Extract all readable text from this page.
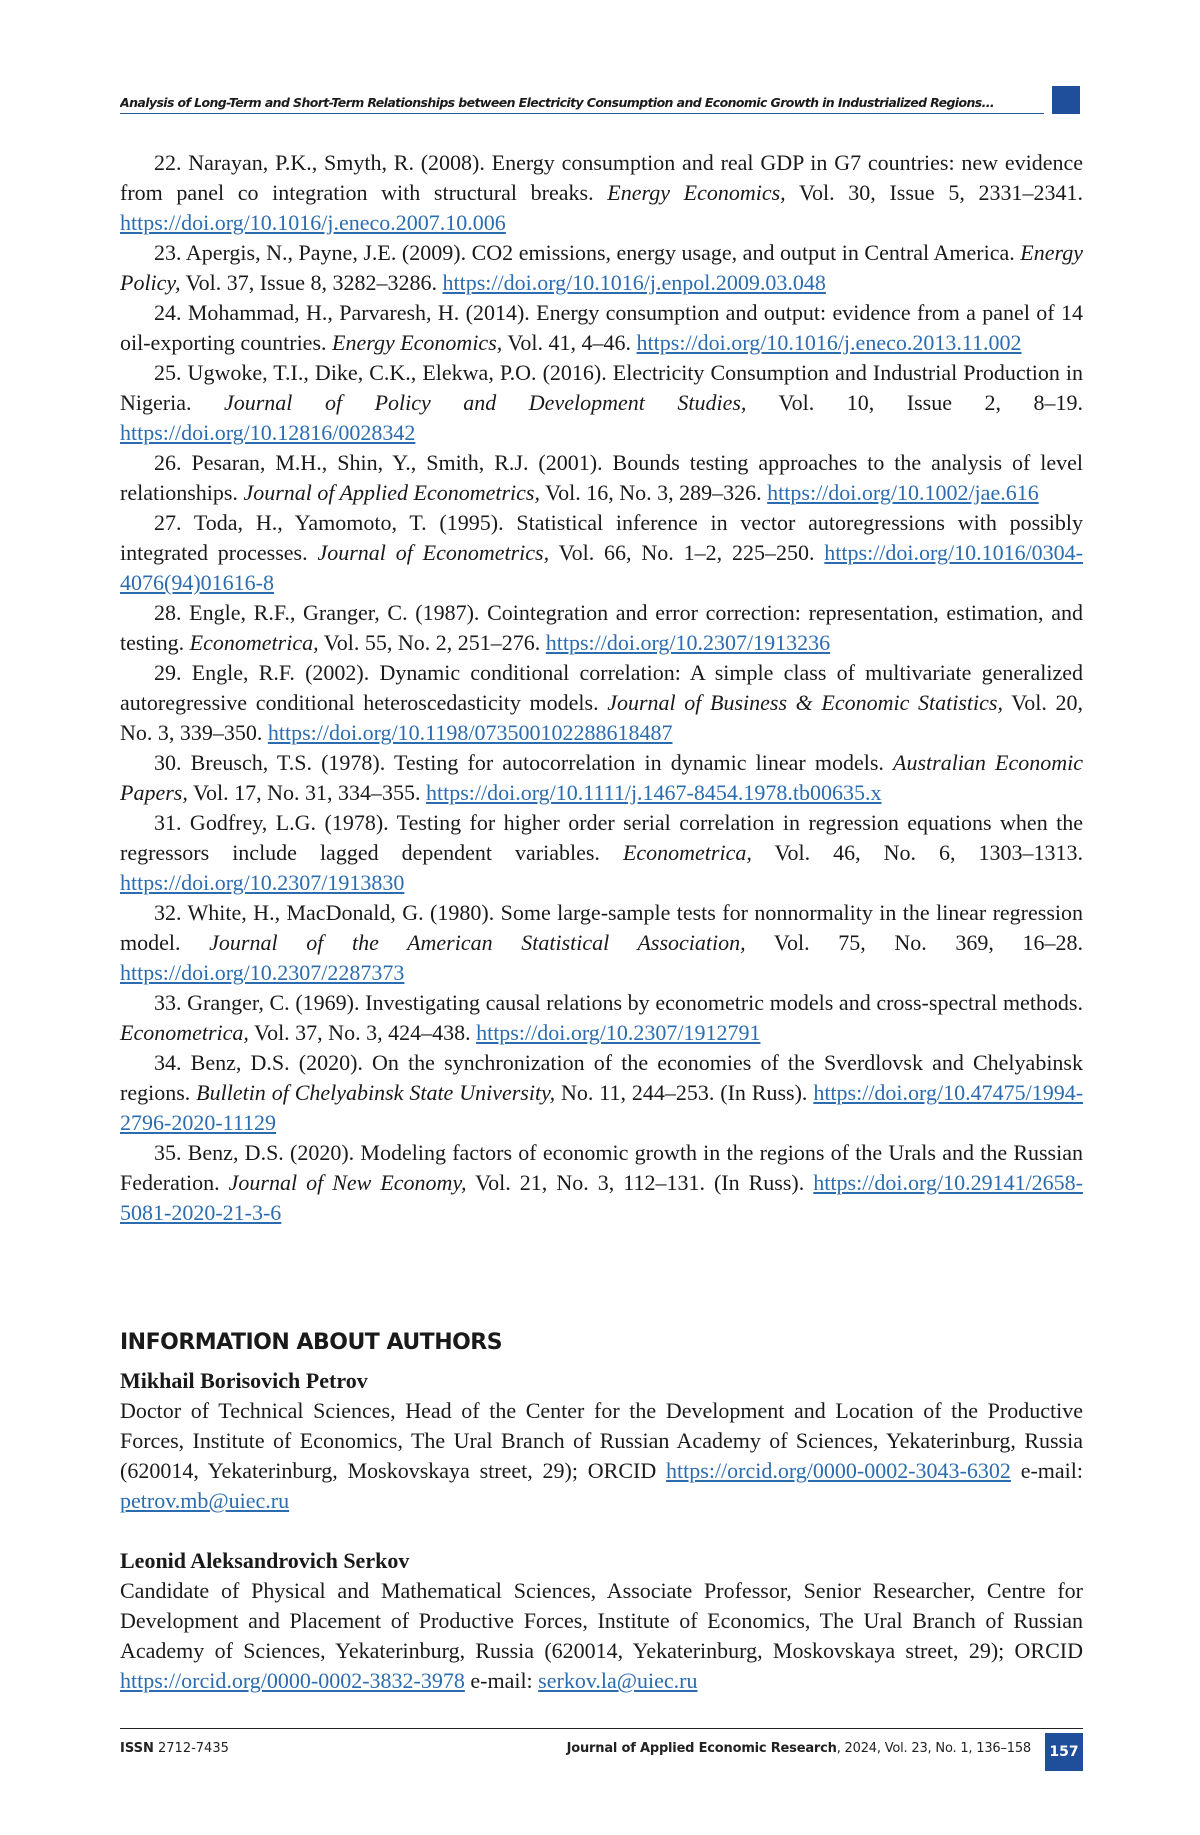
Analysis of Long-Term and Short-Term Relationships between Electricity Consumption and Economic Growth in Industrialized Regions...

22. Narayan, P.K., Smyth, R. (2008). Energy consumption and real GDP in G7 countries: new evidence from panel co integration with structural breaks. Energy Economics, Vol. 30, Issue 5, 2331–2341. https://doi.org/10.1016/j.eneco.2007.10.006

23. Apergis, N., Payne, J.E. (2009). CO2 emissions, energy usage, and output in Central America. Energy Policy, Vol. 37, Issue 8, 3282–3286. https://doi.org/10.1016/j.enpol.2009.03.048

24. Mohammad, H., Parvaresh, H. (2014). Energy consumption and output: evidence from a panel of 14 oil-exporting countries. Energy Economics, Vol. 41, 4–46. https://doi.org/10.1016/j.eneco.2013.11.002

25. Ugwoke, T.I., Dike, C.K., Elekwa, P.O. (2016). Electricity Consumption and Industrial Production in Nigeria. Journal of Policy and Development Studies, Vol. 10, Issue 2, 8–19. https://doi.org/10.12816/0028342

26. Pesaran, M.H., Shin, Y., Smith, R.J. (2001). Bounds testing approaches to the analysis of level relationships. Journal of Applied Econometrics, Vol. 16, No. 3, 289–326. https://doi.org/10.1002/jae.616

27. Toda, H., Yamomoto, T. (1995). Statistical inference in vector autoregressions with possibly integrated processes. Journal of Econometrics, Vol. 66, No. 1–2, 225–250. https://doi.org/10.1016/0304-4076(94)01616-8

28. Engle, R.F., Granger, C. (1987). Cointegration and error correction: representation, estimation, and testing. Econometrica, Vol. 55, No. 2, 251–276. https://doi.org/10.2307/1913236

29. Engle, R.F. (2002). Dynamic conditional correlation: A simple class of multivariate generalized autoregressive conditional heteroscedasticity models. Journal of Business & Economic Statistics, Vol. 20, No. 3, 339–350. https://doi.org/10.1198/073500102288618487

30. Breusch, T.S. (1978). Testing for autocorrelation in dynamic linear models. Australian Economic Papers, Vol. 17, No. 31, 334–355. https://doi.org/10.1111/j.1467-8454.1978.tb00635.x

31. Godfrey, L.G. (1978). Testing for higher order serial correlation in regression equations when the regressors include lagged dependent variables. Econometrica, Vol. 46, No. 6, 1303–1313. https://doi.org/10.2307/1913830

32. White, H., MacDonald, G. (1980). Some large-sample tests for nonnormality in the linear regression model. Journal of the American Statistical Association, Vol. 75, No. 369, 16–28. https://doi.org/10.2307/2287373

33. Granger, C. (1969). Investigating causal relations by econometric models and cross-spectral methods. Econometrica, Vol. 37, No. 3, 424–438. https://doi.org/10.2307/1912791

34. Benz, D.S. (2020). On the synchronization of the economies of the Sverdlovsk and Chelyabinsk regions. Bulletin of Chelyabinsk State University, No. 11, 244–253. (In Russ). https://doi.org/10.47475/1994-2796-2020-11129

35. Benz, D.S. (2020). Modeling factors of economic growth in the regions of the Urals and the Russian Federation. Journal of New Economy, Vol. 21, No. 3, 112–131. (In Russ). https://doi.org/10.29141/2658-5081-2020-21-3-6

INFORMATION ABOUT AUTHORS

Mikhail Borisovich Petrov

Doctor of Technical Sciences, Head of the Center for the Development and Location of the Productive Forces, Institute of Economics, The Ural Branch of Russian Academy of Sciences, Yekaterinburg, Russia (620014, Yekaterinburg, Moskovskaya street, 29); ORCID https://orcid.org/0000-0002-3043-6302 e-mail: petrov.mb@uiec.ru

Leonid Aleksandrovich Serkov

Candidate of Physical and Mathematical Sciences, Associate Professor, Senior Researcher, Centre for Development and Placement of Productive Forces, Institute of Economics, The Ural Branch of Russian Academy of Sciences, Yekaterinburg, Russia (620014, Yekaterinburg, Moskovskaya street, 29); ORCID https://orcid.org/0000-0002-3832-3978 e-mail: serkov.la@uiec.ru

ISSN 2712-7435	Journal of Applied Economic Research, 2024, Vol. 23, No. 1, 136–158	157
